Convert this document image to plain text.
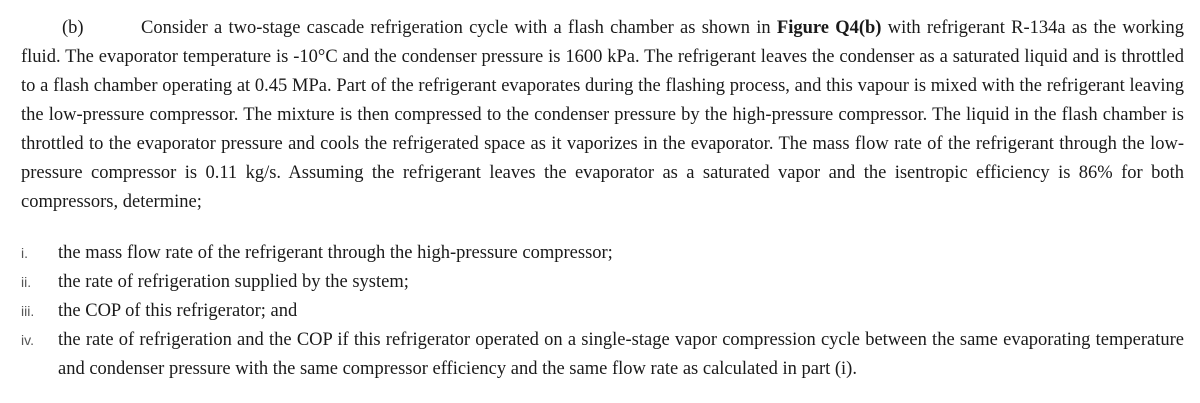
(b)	Consider a two-stage cascade refrigeration cycle with a flash chamber as shown in Figure Q4(b) with refrigerant R-134a as the working fluid. The evaporator temperature is -10°C and the condenser pressure is 1600 kPa. The refrigerant leaves the condenser as a saturated liquid and is throttled to a flash chamber operating at 0.45 MPa. Part of the refrigerant evaporates during the flashing process, and this vapour is mixed with the refrigerant leaving the low-pressure compressor. The mixture is then compressed to the condenser pressure by the high-pressure compressor. The liquid in the flash chamber is throttled to the evaporator pressure and cools the refrigerated space as it vaporizes in the evaporator. The mass flow rate of the refrigerant through the low-pressure compressor is 0.11 kg/s. Assuming the refrigerant leaves the evaporator as a saturated vapor and the isentropic efficiency is 86% for both compressors, determine;

i. the mass flow rate of the refrigerant through the high-pressure compressor;
ii. the rate of refrigeration supplied by the system;
iii. the COP of this refrigerator; and
iv. the rate of refrigeration and the COP if this refrigerator operated on a single-stage vapor compression cycle between the same evaporating temperature and condenser pressure with the same compressor efficiency and the same flow rate as calculated in part (i).
